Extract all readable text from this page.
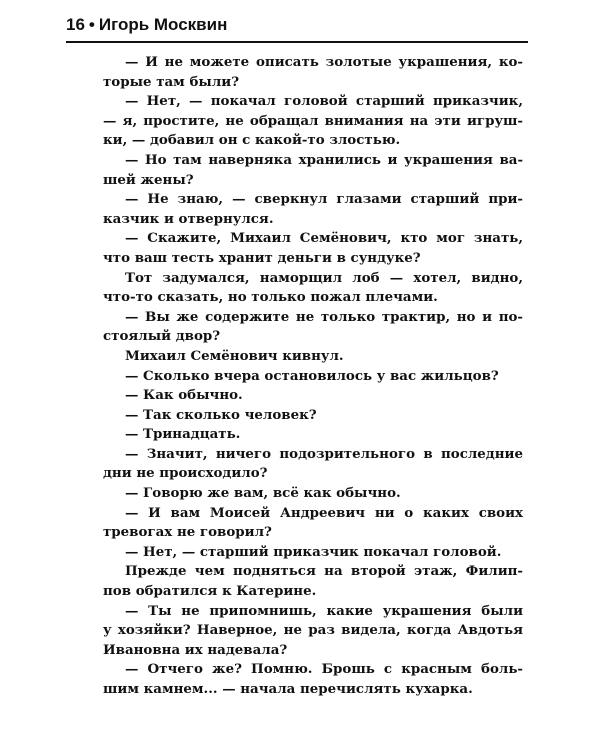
16 • Игорь Москвин
— И не можете описать золотые украшения, ко-
торые там были?
— Нет, — покачал головой старший приказчик,
— я, простите, не обращал внимания на эти игруш-
ки, — добавил он с какой-то злостью.
— Но там наверняка хранились и украшения ва-
шей жены?
— Не знаю, — сверкнул глазами старший при-
казчик и отвернулся.
— Скажите, Михаил Семёнович, кто мог знать,
что ваш тесть хранит деньги в сундуке?
Тот задумался, наморщил лоб — хотел, видно,
что-то сказать, но только пожал плечами.
— Вы же содержите не только трактир, но и по-
стоялый двор?
Михаил Семёнович кивнул.
— Сколько вчера остановилось у вас жильцов?
— Как обычно.
— Так сколько человек?
— Тринадцать.
— Значит, ничего подозрительного в последние
дни не происходило?
— Говорю же вам, всё как обычно.
— И вам Моисей Андреевич ни о каких своих
тревогах не говорил?
— Нет, — старший приказчик покачал головой.
Прежде чем подняться на второй этаж, Филип-
пов обратился к Катерине.
— Ты не припомнишь, какие украшения были
у хозяйки? Наверное, не раз видела, когда Авдотья
Ивановна их надевала?
— Отчего же? Помню. Брошь с красным боль-
шим камнем... — начала перечислять кухарка.
